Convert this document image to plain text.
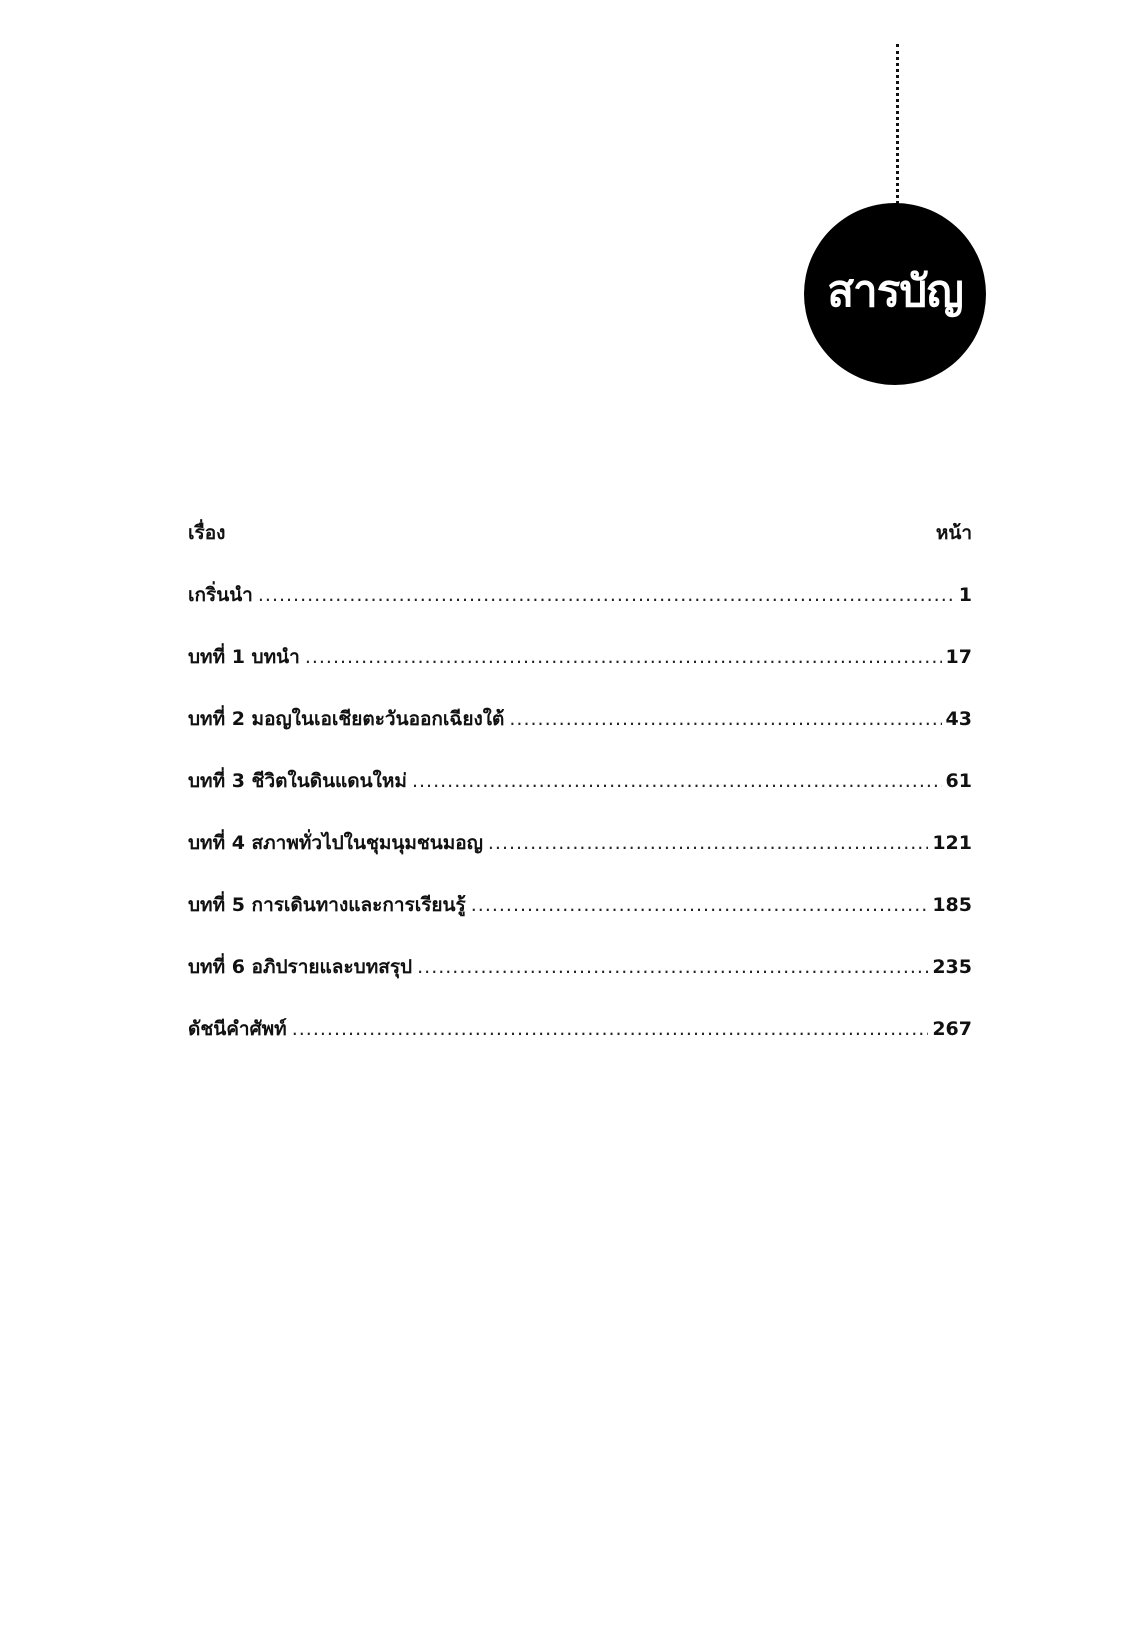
สารบัญ
เรื่อง	หน้า
เกริ่นนำ .....	1
บทที่ 1 บทนำ .....	17
บทที่ 2 มอญในเอเชียตะวันออกเฉียงใต้ .....	43
บทที่ 3 ชีวิตในดินแดนใหม่ .....	61
บทที่ 4 สภาพทั่วไปในชุมนุมชนมอญ .....	121
บทที่ 5 การเดินทางและการเรียนรู้ .....	185
บทที่ 6 อภิปรายและบทสรุป .....	235
ดัชนีคำศัพท์ .....	267
